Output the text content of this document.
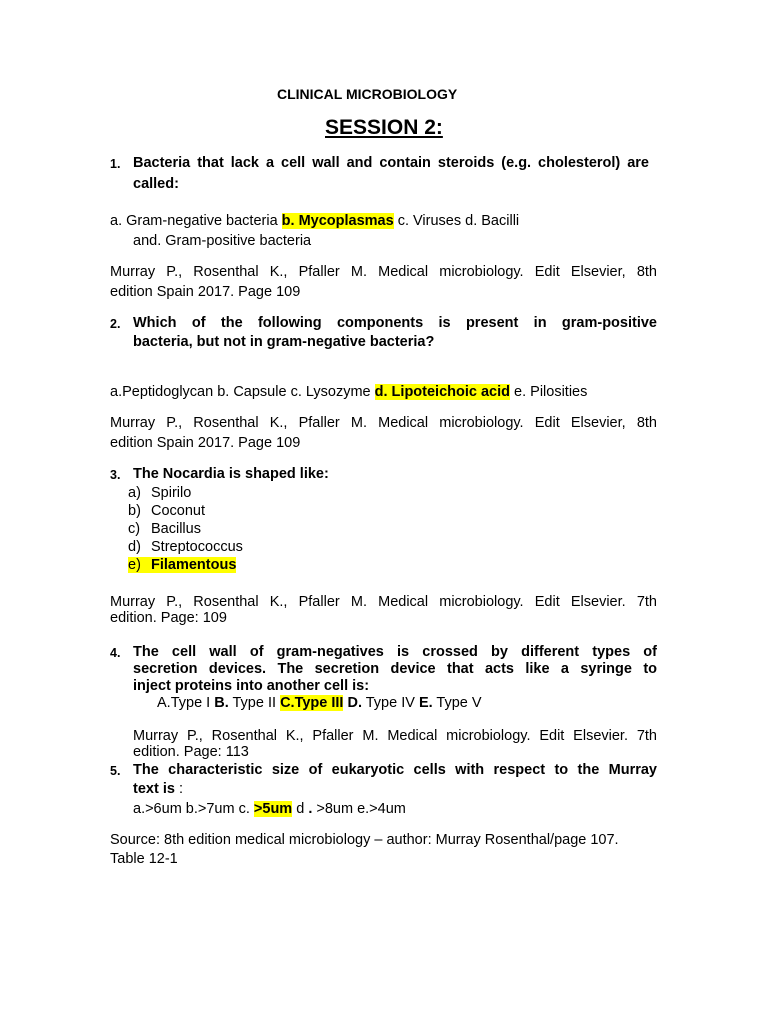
CLINICAL MICROBIOLOGY
SESSION 2:
1. Bacteria that lack a cell wall and contain steroids (e.g. cholesterol) are
called:
a. Gram-negative bacteria b. Mycoplasmas c. Viruses d. Bacilli
and. Gram-positive bacteria
Murray P., Rosenthal K., Pfaller M. Medical microbiology. Edit Elsevier, 8th
edition Spain 2017. Page 109
2. Which of the following components is present in gram-positive
bacteria, but not in gram-negative bacteria?
a.Peptidoglycan b. Capsule c. Lysozyme d. Lipoteichoic acid e. Pilosities
Murray P., Rosenthal K., Pfaller M. Medical microbiology. Edit Elsevier, 8th
edition Spain 2017. Page 109
3. The Nocardia is shaped like:
a) Spirilo
b) Coconut
c) Bacillus
d) Streptococcus
e) Filamentous
Murray P., Rosenthal K., Pfaller M. Medical microbiology. Edit Elsevier. 7th
edition. Page: 109
4. The cell wall of gram-negatives is crossed by different types of
secretion devices. The secretion device that acts like a syringe to
inject proteins into another cell is:
A.Type I B. Type II C.Type III D. Type IV E. Type V
Murray P., Rosenthal K., Pfaller M. Medical microbiology. Edit Elsevier. 7th
edition. Page: 113
5. The characteristic size of eukaryotic cells with respect to the Murray
text is :
a.>6um b.>7um c. >5um d . >8um e.>4um
Source: 8th edition medical microbiology – author: Murray Rosenthal/page 107.
Table 12-1
